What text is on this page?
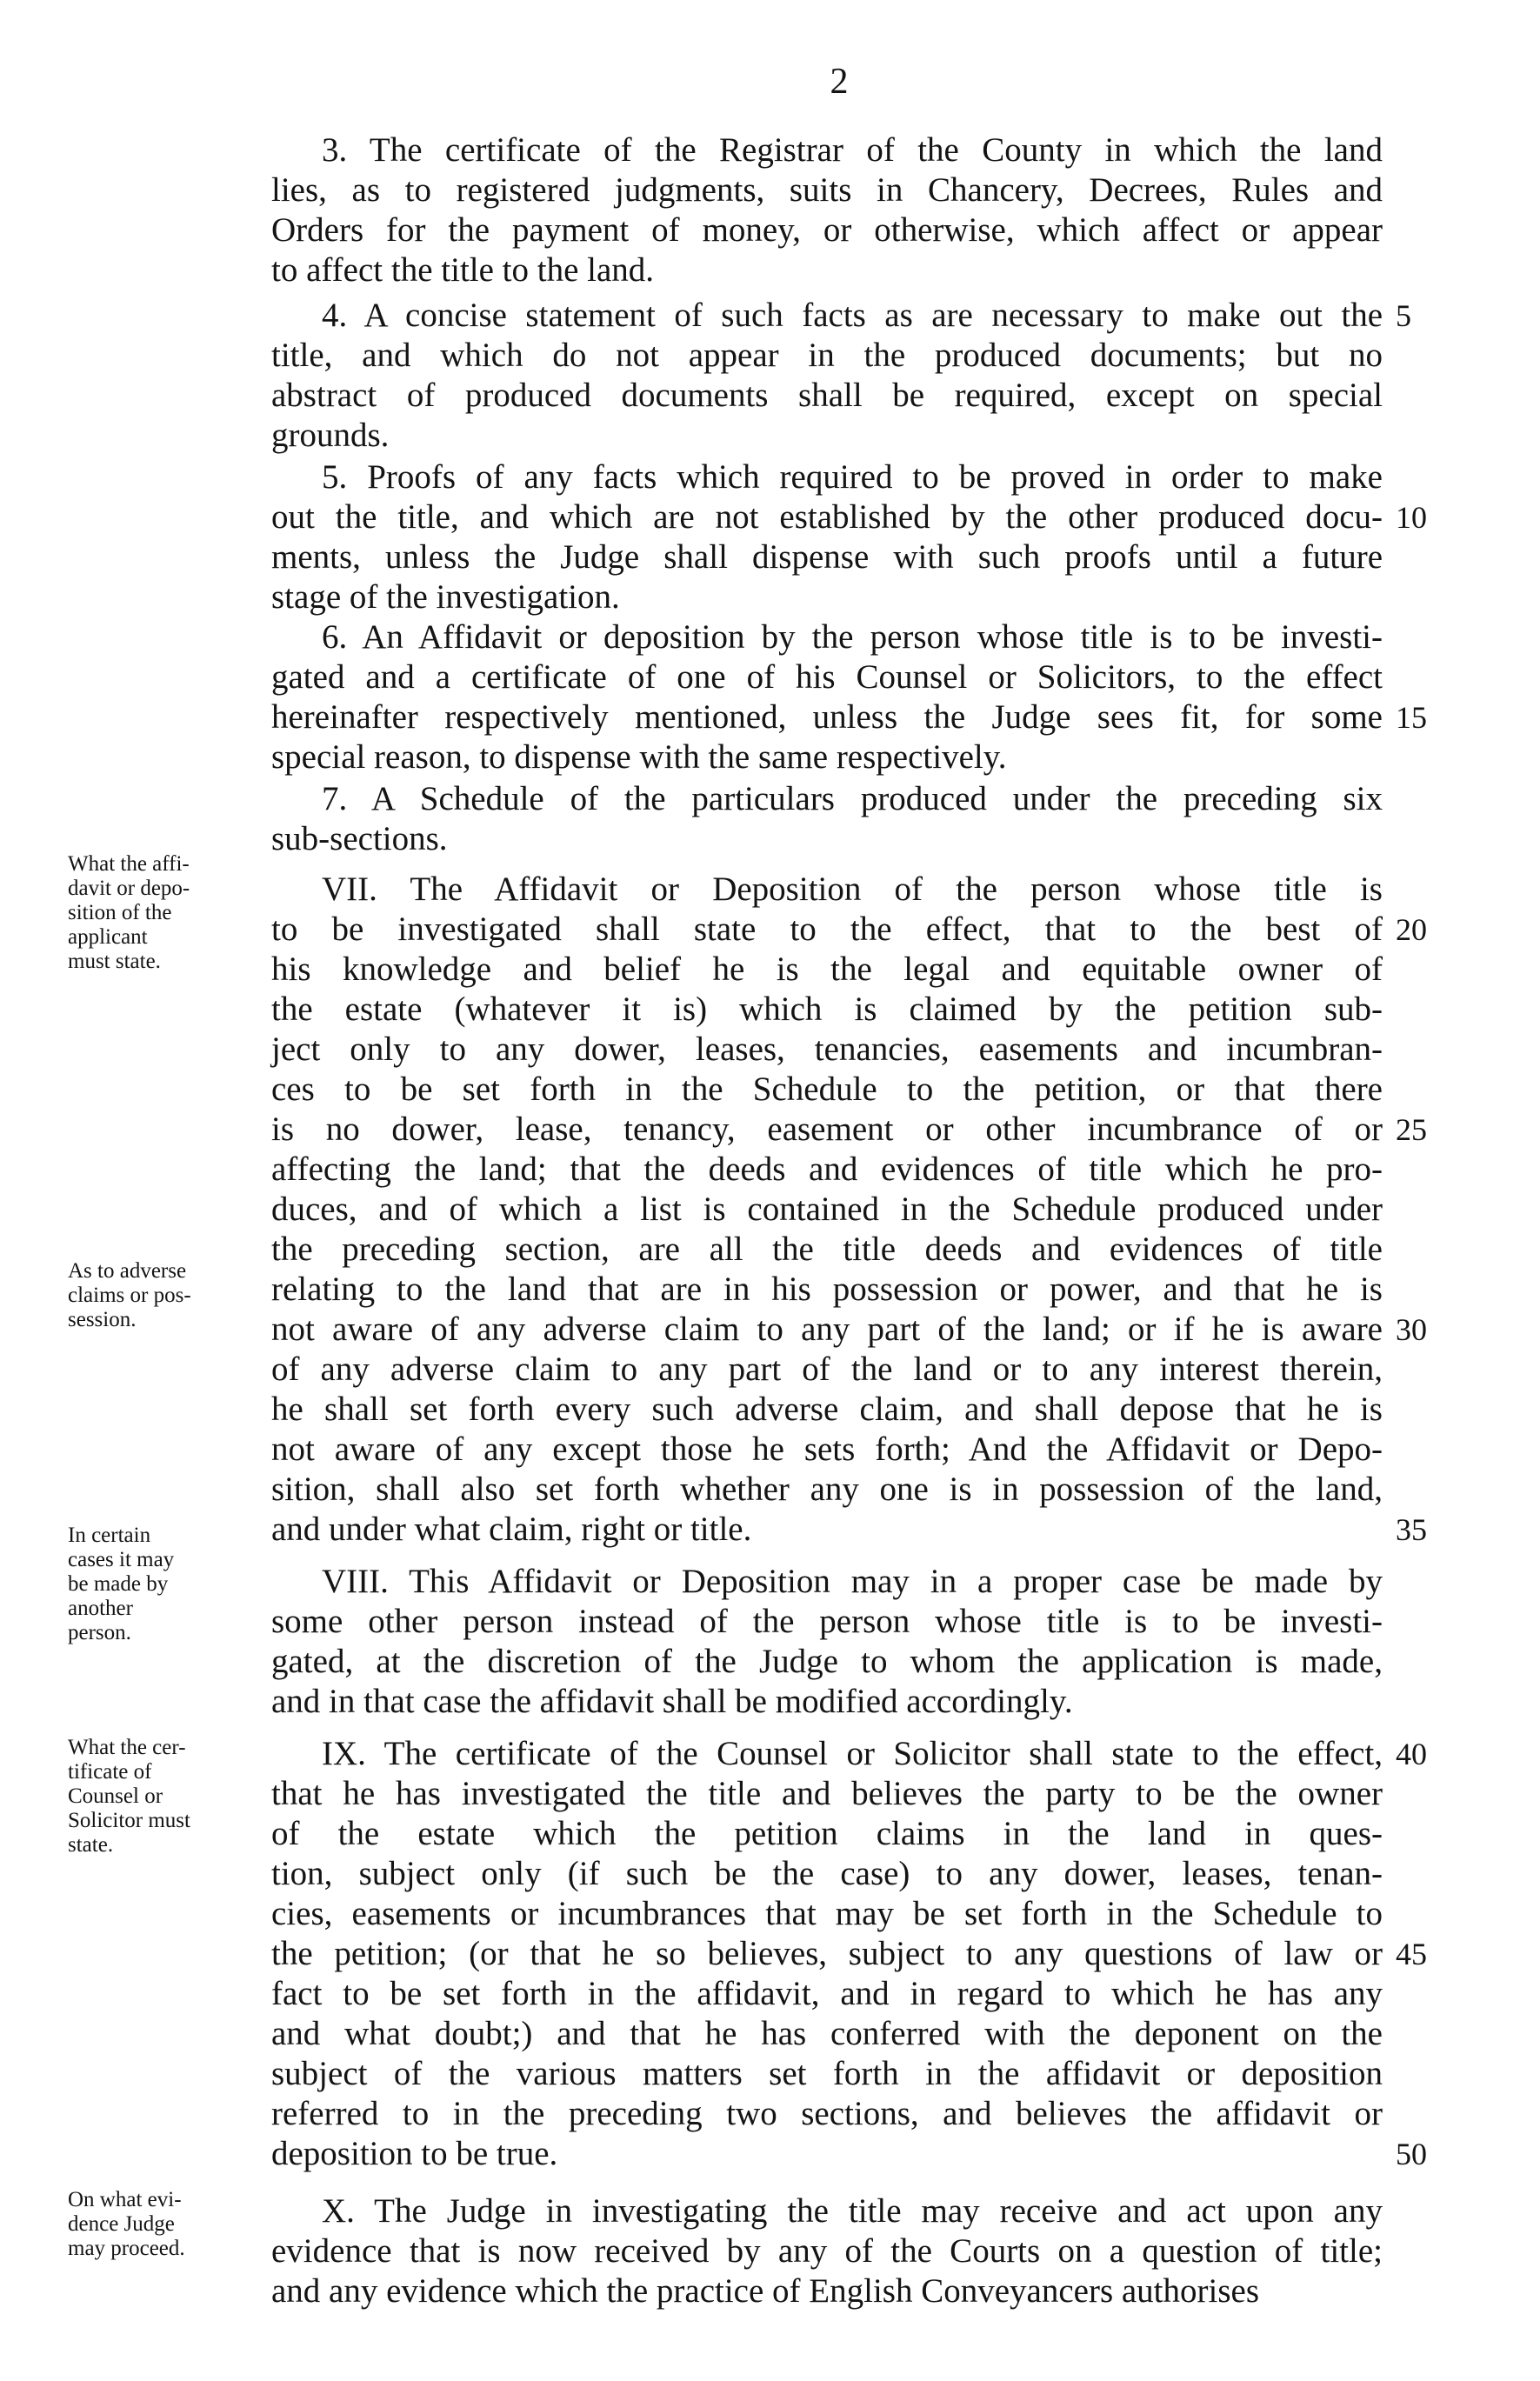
2
3. The certificate of the Registrar of the County in which the land
lies, as to registered judgments, suits in Chancery, Decrees, Rules and
Orders for the payment of money, or otherwise, which affect or appear
to affect the title to the land.
4. A concise statement of such facts as are necessary to make out the
title, and which do not appear in the produced documents; but no
abstract of produced documents shall be required, except on special
grounds.
5. Proofs of any facts which required to be proved in order to make
out the title, and which are not established by the other produced docu-
ments, unless the Judge shall dispense with such proofs until a future
stage of the investigation.
6. An Affidavit or deposition by the person whose title is to be investi-
gated and a certificate of one of his Counsel or Solicitors, to the effect
hereinafter respectively mentioned, unless the Judge sees fit, for some
special reason, to dispense with the same respectively.
7. A Schedule of the particulars produced under the preceding six
sub-sections.
VII. The Affidavit or Deposition of the person whose title is
to be investigated shall state to the effect, that to the best of
his knowledge and belief he is the legal and equitable owner of
the estate (whatever it is) which is claimed by the petition sub-
ject only to any dower, leases, tenancies, easements and incumbran-
ces to be set forth in the Schedule to the petition, or that there
is no dower, lease, tenancy, easement or other incumbrance of or
affecting the land; that the deeds and evidences of title which he pro-
duces, and of which a list is contained in the Schedule produced under
the preceding section, are all the title deeds and evidences of title
relating to the land that are in his possession or power, and that he is
not aware of any adverse claim to any part of the land; or if he is aware
of any adverse claim to any part of the land or to any interest therein,
he shall set forth every such adverse claim, and shall depose that he is
not aware of any except those he sets forth; And the Affidavit or Depo-
sition, shall also set forth whether any one is in possession of the land,
and under what claim, right or title.
VIII. This Affidavit or Deposition may in a proper case be made by
some other person instead of the person whose title is to be investi-
gated, at the discretion of the Judge to whom the application is made,
and in that case the affidavit shall be modified accordingly.
IX. The certificate of the Counsel or Solicitor shall state to the effect,
that he has investigated the title and believes the party to be the owner
of the estate which the petition claims in the land in ques-
tion, subject only (if such be the case) to any dower, leases, tenan-
cies, easements or incumbrances that may be set forth in the Schedule to
the petition; (or that he so believes, subject to any questions of law or
fact to be set forth in the affidavit, and in regard to which he has any
and what doubt;) and that he has conferred with the deponent on the
subject of the various matters set forth in the affidavit or deposition
referred to in the preceding two sections, and believes the affidavit or
deposition to be true.
X. The Judge in investigating the title may receive and act upon any
evidence that is now received by any of the Courts on a question of title;
and any evidence which the practice of English Conveyancers authorises
5
10
15
20
25
30
35
40
45
50
What the affi-
davit or depo-
sition of the
applicant
must state.
As to adverse
claims or pos-
session.
In certain
cases it may
be made by
another
person.
What the cer-
tificate of
Counsel or
Solicitor must
state.
On what evi-
dence Judge
may proceed.
